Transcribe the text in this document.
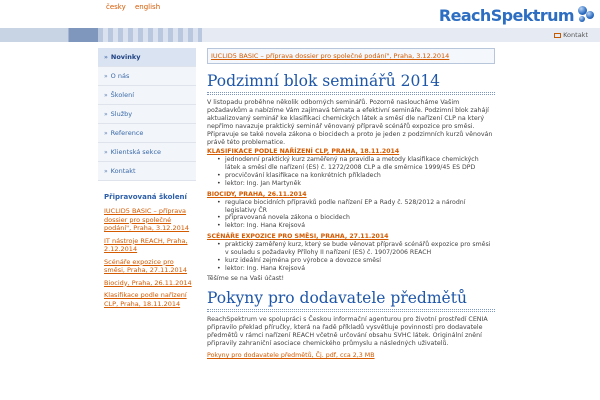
česky english	ReachSpektrum
Kontakt
» Novinky
» O nás
» Školení
» Služby
» Reference
» Klientská sekce
» Kontakt
Připravovaná školení
IUCLID5 BASIC – příprava dossier pro společné podání", Praha, 3.12.2014
IT nástroje REACH, Praha, 2.12.2014
Scénáře expozice pro směsi, Praha, 27.11.2014
Biocidy, Praha, 26.11.2014
Klasifikace podle nařízení CLP, Praha, 18.11.2014
IUCLID5 BASIC – příprava dossier pro společné podání", Praha, 3.12.2014
Podzimní blok seminářů 2014

V listopadu proběhne několik odborných seminářů. Pozorně nasloucháme Vašim požadavkům a nabízíme Vám zajímavá témata a efektivní semináře. Podzimní blok zahájí aktualizovaný seminář ke klasifikaci chemických látek a směsí dle nařízení CLP na který nepřímo navazuje praktický seminář věnovaný přípravě scénářů expozice pro směsi. Připravuje se také novela zákona o biocidech a proto je jeden z podzimních kurzů věnován právě této problematice.

KLASIFIKACE PODLE NAŘÍZENÍ CLP, PRAHA, 18.11.2014
• jednodenní praktický kurz zaměřený na pravidla a metody klasifikace chemických látek a směsí dle nařízení (ES) č. 1272/2008 CLP a dle směrnice 1999/45 ES DPD
• procvičování klasifikace na konkrétních příkladech
• lektor: Ing. Jan Martyněk
BIOCIDY, PRAHA, 26.11.2014
• regulace biocidních přípravků podle nařízení EP a Rady č. 528/2012 a národní legislativy ČR
• připravovaná novela zákona o biocidech
• lektor: Ing. Hana Krejsová
SCÉNÁŘE EXPOZICE PRO SMĚSI, PRAHA, 27.11.2014
• praktický zaměřený kurz, který se bude věnovat přípravě scénářů expozice pro směsi v souladu s požadavky Přílohy II nařízení (ES) č. 1907/2006 REACH
• kurz ideální zejména pro výrobce a dovozce směsí
• lektor: Ing. Hana Krejsová

Těšíme se na Vaši účast!

Pokyny pro dodavatele předmětů

ReachSpektrum ve spolupráci s Českou informační agenturou pro životní prostředí CENIA připravilo překlad příručky, která na řadě příkladů vysvětluje povinnosti pro dodavatele předmětů v rámci nařízení REACH včetně určování obsahu SVHC látek. Originální znění připravily zahraniční asociace chemického průmyslu a následných uživatelů.

Pokyny pro dodavatele předmětů, Čj. pdf, cca 2,3 MB
